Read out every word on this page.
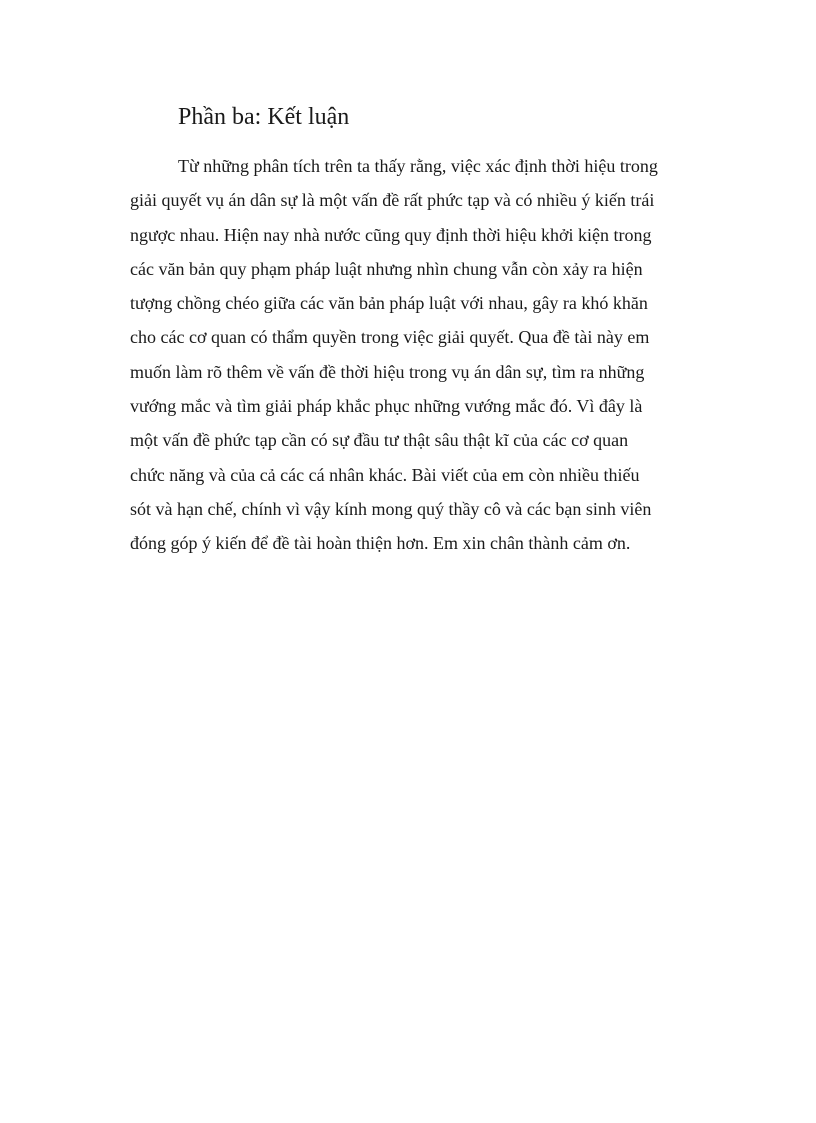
Phần ba: Kết luận
Từ những phân tích trên ta thấy rằng, việc xác định thời hiệu trong
giải quyết vụ án dân sự là một vấn đề rất phức tạp và có nhiều ý kiến trái
ngược nhau. Hiện nay nhà nước cũng quy định thời hiệu khởi kiện trong
các văn bản quy phạm pháp luật nhưng nhìn chung vẫn còn xảy ra hiện
tượng chồng chéo giữa các văn bản pháp luật với nhau, gây ra khó khăn
cho các cơ quan có thẩm quyền trong việc giải quyết. Qua đề tài này em
muốn làm rõ thêm về vấn đề thời hiệu trong vụ án dân sự, tìm ra những
vướng mắc và tìm giải pháp khắc phục những vướng mắc đó. Vì đây là
một vấn đề phức tạp cần có sự đầu tư thật sâu thật kĩ của các cơ quan
chức năng và của cả các cá nhân khác. Bài viết của em còn nhiều thiếu
sót và hạn chế, chính vì vậy kính mong quý thầy cô và các bạn sinh viên
đóng góp ý kiến để đề tài hoàn thiện hơn. Em xin chân thành cảm ơn.
